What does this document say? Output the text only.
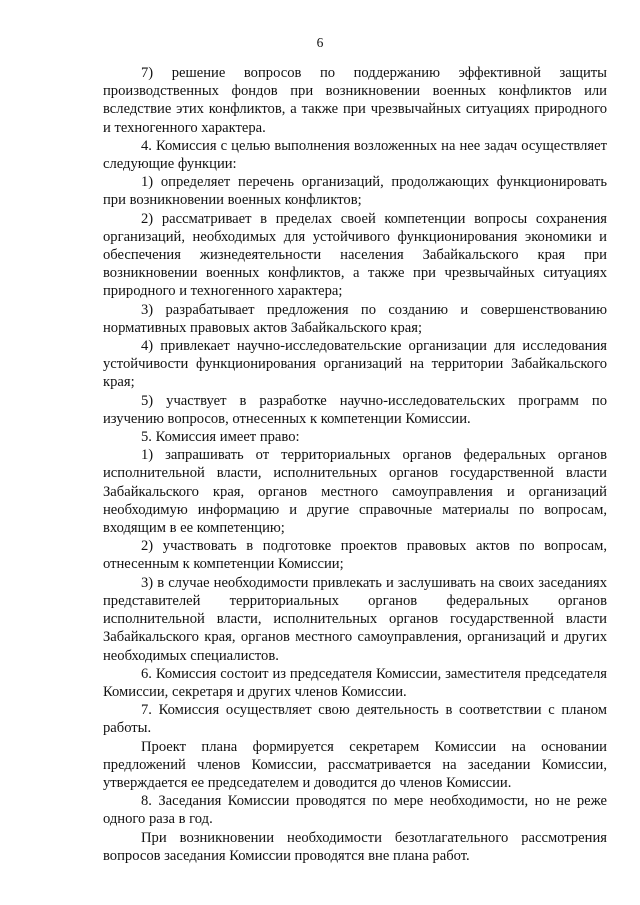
6

7) решение вопросов по поддержанию эффективной защиты производственных фондов при возникновении военных конфликтов или вследствие этих конфликтов, а также при чрезвычайных ситуациях природного и техногенного характера.

4. Комиссия с целью выполнения возложенных на нее задач осуществляет следующие функции:

1) определяет перечень организаций, продолжающих функционировать при возникновении военных конфликтов;

2) рассматривает в пределах своей компетенции вопросы сохранения организаций, необходимых для устойчивого функционирования экономики и обеспечения жизнедеятельности населения Забайкальского края при возникновении военных конфликтов, а также при чрезвычайных ситуациях природного и техногенного характера;

3) разрабатывает предложения по созданию и совершенствованию нормативных правовых актов Забайкальского края;

4) привлекает научно-исследовательские организации для исследования устойчивости функционирования организаций на территории Забайкальского края;

5) участвует в разработке научно-исследовательских программ по изучению вопросов, отнесенных к компетенции Комиссии.

5. Комиссия имеет право:

1) запрашивать от территориальных органов федеральных органов исполнительной власти, исполнительных органов государственной власти Забайкальского края, органов местного самоуправления и организаций необходимую информацию и другие справочные материалы по вопросам, входящим в ее компетенцию;

2) участвовать в подготовке проектов правовых актов по вопросам, отнесенным к компетенции Комиссии;

3) в случае необходимости привлекать и заслушивать на своих заседаниях представителей территориальных органов федеральных органов исполнительной власти, исполнительных органов государственной власти Забайкальского края, органов местного самоуправления, организаций и других необходимых специалистов.

6. Комиссия состоит из председателя Комиссии, заместителя председателя Комиссии, секретаря и других членов Комиссии.

7. Комиссия осуществляет свою деятельность в соответствии с планом работы.

Проект плана формируется секретарем Комиссии на основании предложений членов Комиссии, рассматривается на заседании Комиссии, утверждается ее председателем и доводится до членов Комиссии.

8. Заседания Комиссии проводятся по мере необходимости, но не реже одного раза в год.

При возникновении необходимости безотлагательного рассмотрения вопросов заседания Комиссии проводятся вне плана работ.
